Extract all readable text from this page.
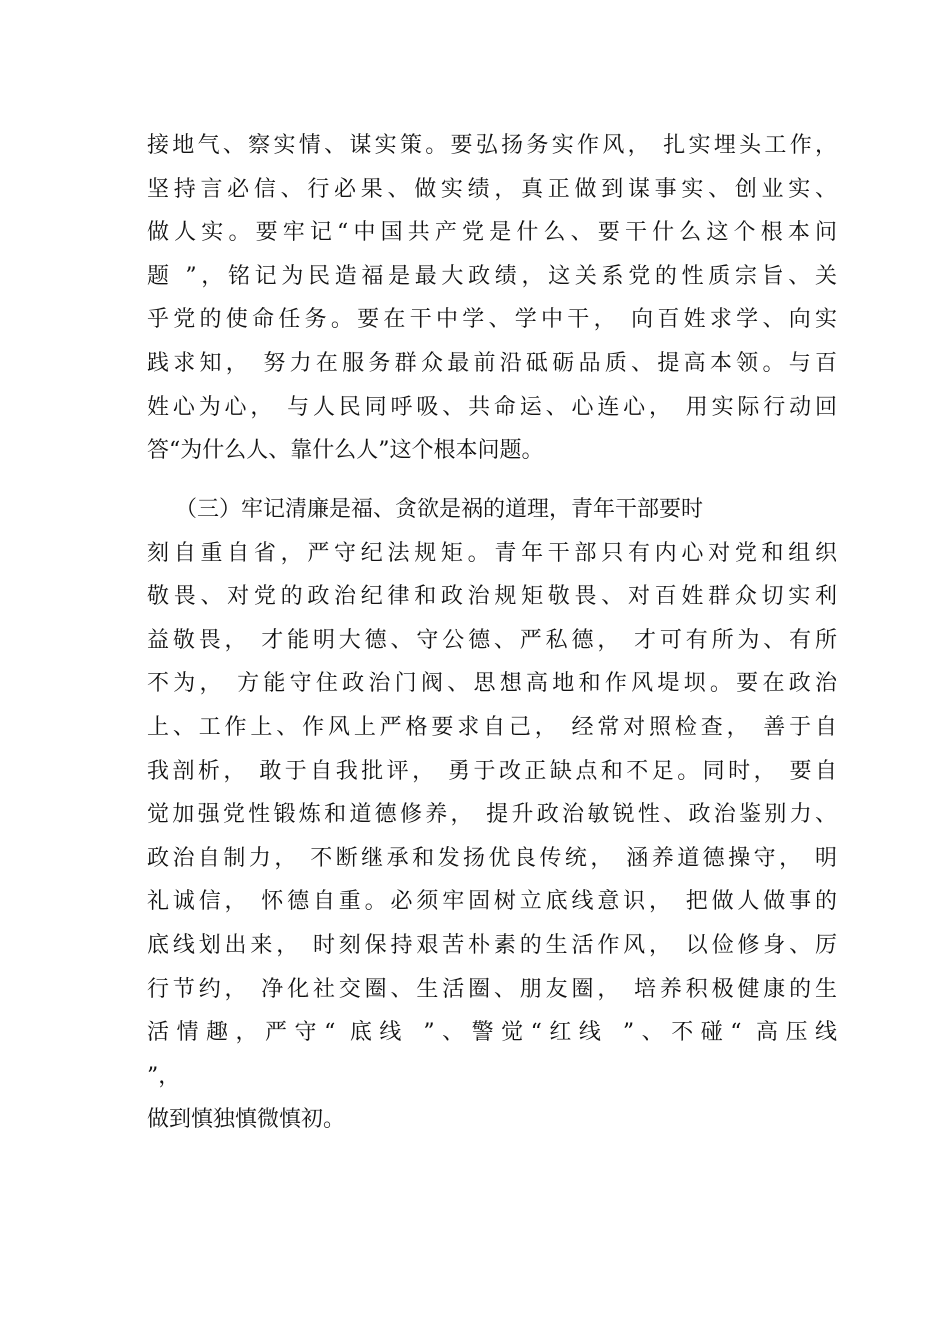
接地气、察实情、谋实策。要弘扬务实作风， 扎实埋头工作，
坚持言必信、行必果、做实绩，真正做到谋事实、创业实、
做人实。要牢记“中国共产党是什么、要干什么这个根本问
题 ”，铭记为民造福是最大政绩，这关系党的性质宗旨、关
乎党的使命任务。要在干中学、学中干， 向百姓求学、向实
践求知， 努力在服务群众最前沿砥砺品质、提高本领。与百
姓心为心， 与人民同呼吸、共命运、心连心， 用实际行动回
答“为什么人、靠什么人”这个根本问题。
（三）牢记清廉是福、贪欲是祸的道理，青年干部要时
刻自重自省，严守纪法规矩。青年干部只有内心对党和组织
敬畏、对党的政治纪律和政治规矩敬畏、对百姓群众切实利
益敬畏， 才能明大德、守公德、严私德， 才可有所为、有所
不为， 方能守住政治门阀、思想高地和作风堤坝。要在政治
上、工作上、作风上严格要求自己， 经常对照检查， 善于自
我剖析， 敢于自我批评， 勇于改正缺点和不足。同时， 要自
觉加强党性锻炼和道德修养， 提升政治敏锐性、政治鉴别力、
政治自制力， 不断继承和发扬优良传统， 涵养道德操守， 明
礼诚信， 怀德自重。必须牢固树立底线意识， 把做人做事的
底线划出来， 时刻保持艰苦朴素的生活作风， 以俭修身、厉
行节约， 净化社交圈、生活圈、朋友圈， 培养积极健康的生
活情趣，严守“ 底线 ”、警觉“红线 ”、不碰“ 高压线
”，
做到慎独慎微慎初。
